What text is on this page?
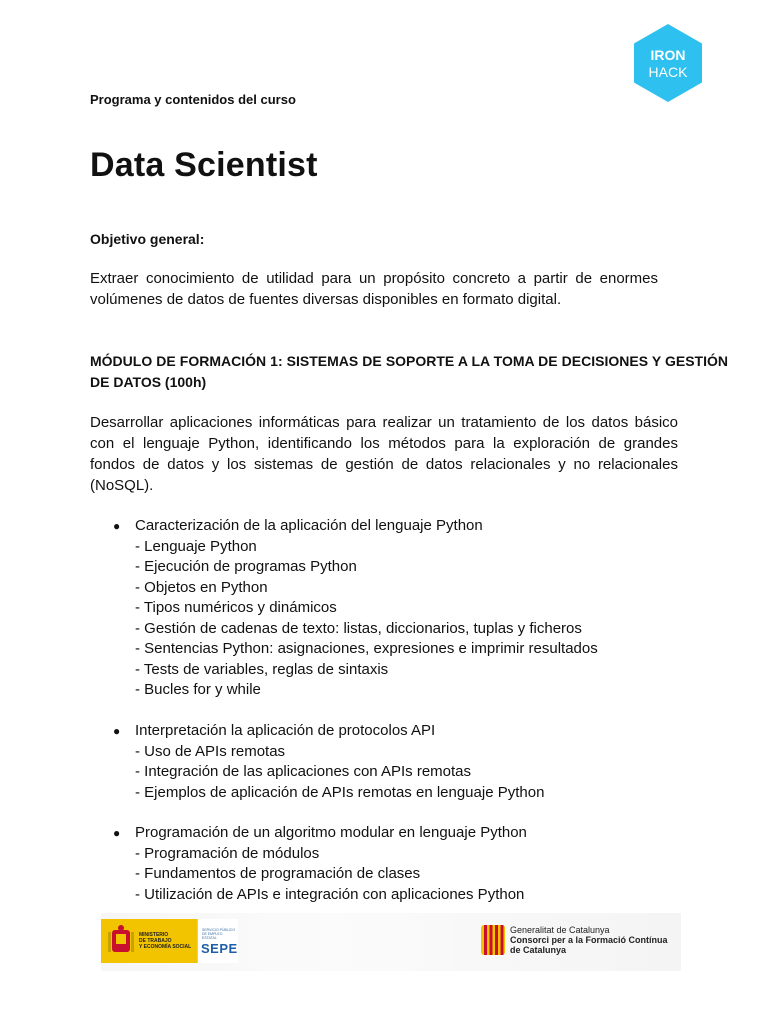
IRON
HACK
Programa y contenidos del curso
Data Scientist
Objetivo general:
Extraer conocimiento de utilidad para un propósito concreto a partir de enormes volúmenes de datos de fuentes diversas disponibles en formato digital.
MÓDULO DE FORMACIÓN 1: SISTEMAS DE SOPORTE A LA TOMA DE DECISIONES Y GESTIÓN DE DATOS (100h)
Desarrollar aplicaciones informáticas para realizar un tratamiento de los datos básico con el lenguaje Python, identificando los métodos para la exploración de grandes fondos de datos y los sistemas de gestión de datos relacionales y no relacionales (NoSQL).
● Caracterización de la aplicación del lenguaje Python
- Lenguaje Python
- Ejecución de programas Python
- Objetos en Python
- Tipos numéricos y dinámicos
- Gestión de cadenas de texto: listas, diccionarios, tuplas y ficheros
- Sentencias Python: asignaciones, expresiones e imprimir resultados
- Tests de variables, reglas de sintaxis
- Bucles for y while
● Interpretación la aplicación de protocolos API
- Uso de APIs remotas
- Integración de las aplicaciones con APIs remotas
- Ejemplos de aplicación de APIs remotas en lenguaje Python
● Programación de un algoritmo modular en lenguaje Python
- Programación de módulos
- Fundamentos de programación de clases
- Utilización de APIs e integración con aplicaciones Python
MINISTERIO
DE TRABAJO
Y ECONOMÍA SOCIAL
SERVICIO PÚBLICO
DE EMPLEO ESTATAL
SEPE
Generalitat de Catalunya
Consorci per a la Formació Contínua
de Catalunya
